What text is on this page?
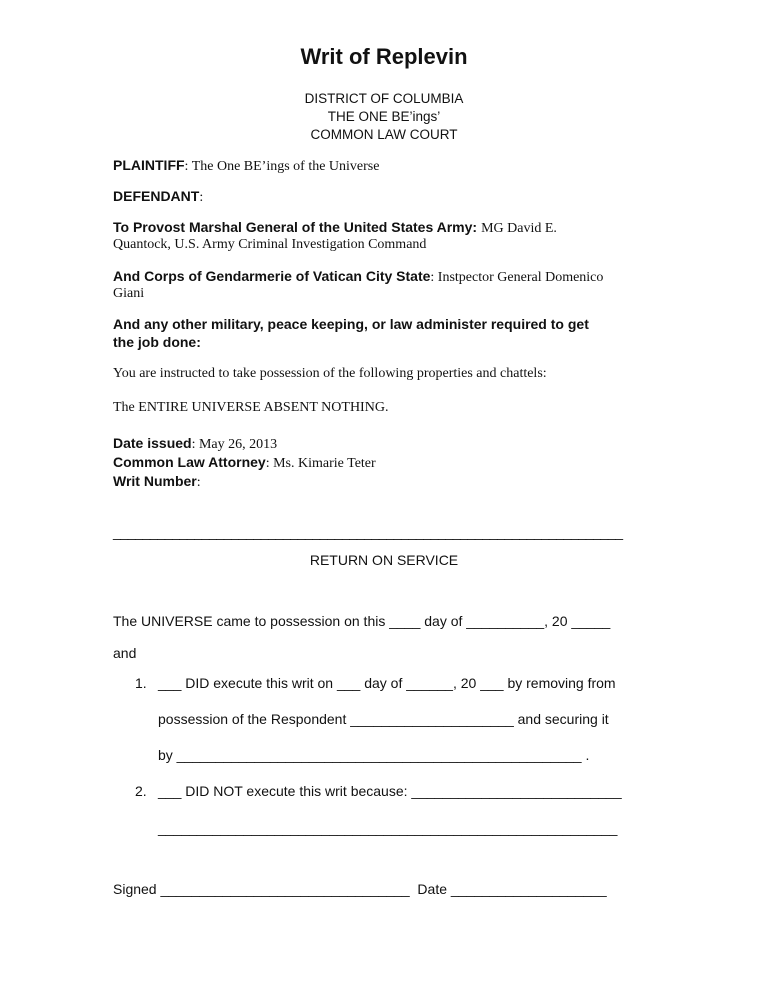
Writ of Replevin
DISTRICT OF COLUMBIA
THE ONE BE’ings’
COMMON LAW COURT
PLAINTIFF: The One BE’ings of the Universe
DEFENDANT:
To Provost Marshal General of the United States Army: MG David E.
Quantock, U.S. Army Criminal Investigation Command
And Corps of Gendarmerie of Vatican City State: Instpector General Domenico
Giani
And any other military, peace keeping, or law administer required to get
the job done:
You are instructed to take possession of the following properties and chattels:
The ENTIRE UNIVERSE ABSENT NOTHING.
Date issued: May 26, 2013
Common Law Attorney: Ms. Kimarie Teter
Writ Number:
_____________________________________________________________________
RETURN ON SERVICE
The UNIVERSE came to possession on this ____ day of __________, 20 _____
and
1. ___ DID execute this writ on ___ day of ______, 20 ___ by removing from
possession of the Respondent _____________________ and securing it
by ____________________________________________________ .
2. ___ DID NOT execute this writ because: ___________________________
___________________________________________________________
Signed ________________________________  Date ____________________
